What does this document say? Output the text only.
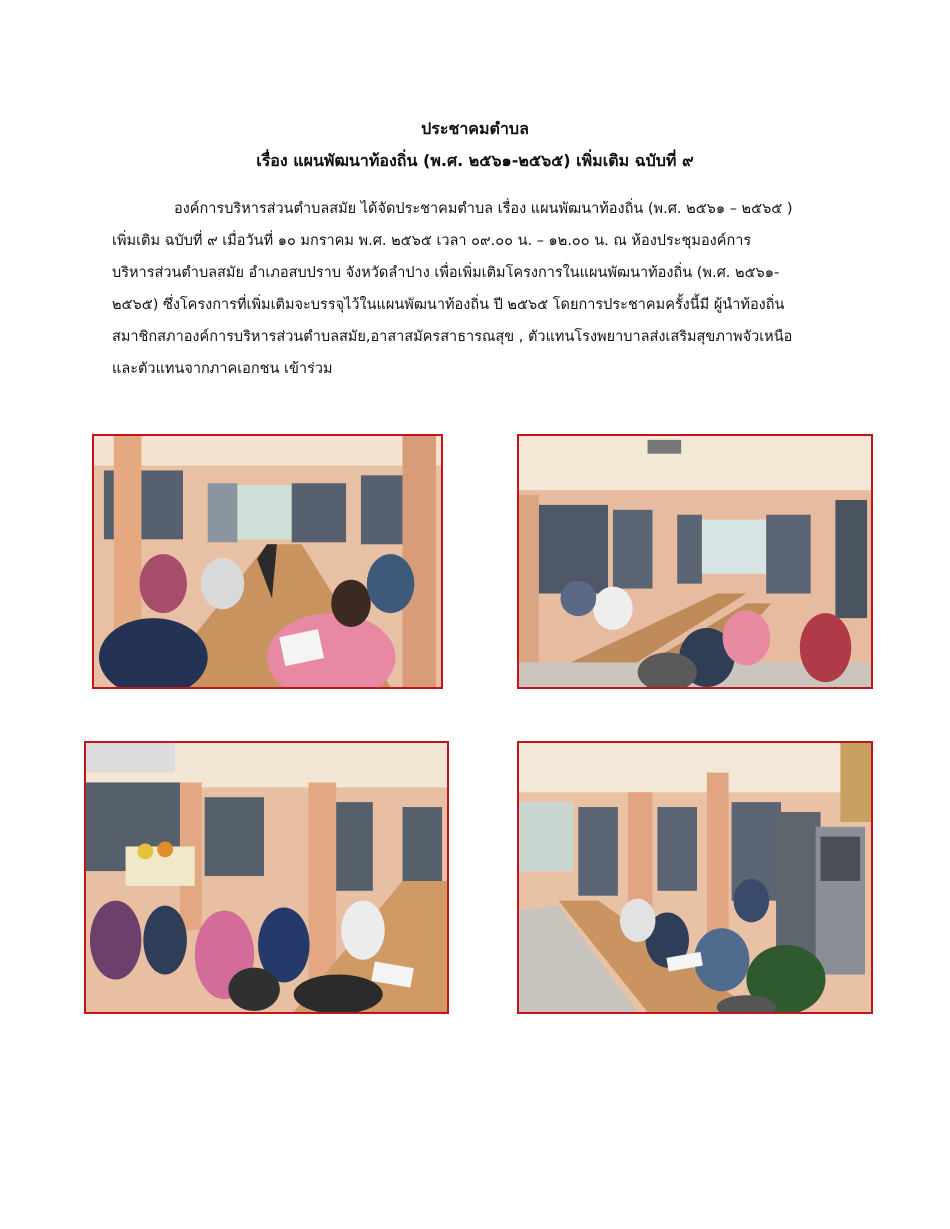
ประชาคมตำบล
เรื่อง แผนพัฒนาท้องถิ่น (พ.ศ. ๒๕๖๑-๒๕๖๕) เพิ่มเติม ฉบับที่ ๙

องค์การบริหารส่วนตำบลสมัย ได้จัดประชาคมตำบล เรื่อง แผนพัฒนาท้องถิ่น (พ.ศ. ๒๕๖๑ – ๒๕๖๕ )
เพิ่มเติม ฉบับที่ ๙ เมื่อวันที่ ๑๐ มกราคม พ.ศ. ๒๕๖๕ เวลา ๐๙.๐๐ น. – ๑๒.๐๐ น. ณ ห้องประชุมองค์การ
บริหารส่วนตำบลสมัย อำเภอสบปราบ จังหวัดลำปาง เพื่อเพิ่มเติมโครงการในแผนพัฒนาท้องถิ่น (พ.ศ. ๒๕๖๑-
๒๕๖๕) ซึ่งโครงการที่เพิ่มเติมจะบรรจุไว้ในแผนพัฒนาท้องถิ่น ปี ๒๕๖๕ โดยการประชาคมครั้งนี้มี ผู้นำท้องถิ่น
สมาชิกสภาองค์การบริหารส่วนตำบลสมัย,อาสาสมัครสาธารณสุข , ตัวแทนโรงพยาบาลส่งเสริมสุขภาพจัวเหนือ
และตัวแทนจากภาคเอกชน เข้าร่วม
